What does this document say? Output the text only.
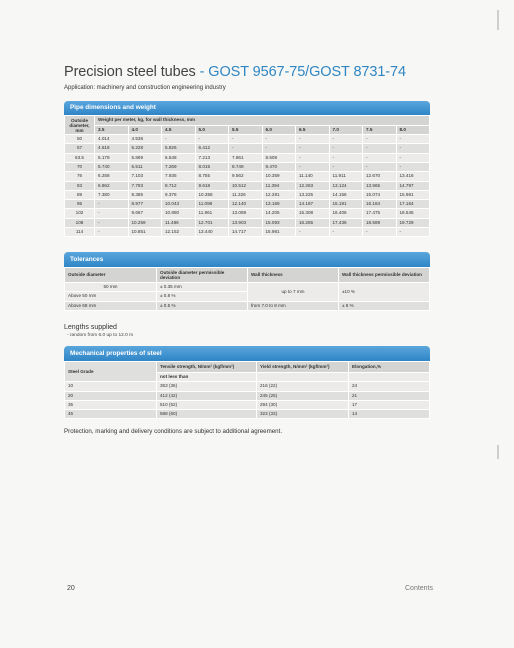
Precision steel tubes - GOST 9567-75/GOST 8731-74
Application: machinery and construction engineering industry
Pipe dimensions and weight
Outside diameter, mm	Weight per meter, kg, for wall thickness, mm									
	3.5	4.0	4.5	5.0	5.5	6.0	6.5	7.0	7.5	8.0
50	4.014	4.538	-	-	-	-	-	-	-	-
57	4.618	5.228	5.826	6.412	-	-	-	-	-	-
63.5	5.179	5.869	6.548	7.213	7.861	8.508	-	-	-	-
70	5.740	6.511	7.269	8.015	8.749	9.470	-	-	-	-
76	6.258	7.103	7.935	8.755	9.562	10.359	11.140	11.911	12.670	13.416
83	6.862	7.793	8.712	9.618	10.512	11.394	12.263	13.124	13.965	14.797
89	7.380	8.385	9.378	10.358	11.326	12.281	13.225	14.156	15.074	15.981
95	-	8.977	10.043	11.098	12.140	13.169	14.187	15.191	16.184	17.164
102	-	9.667	10.880	11.961	13.089	14.205	15.308	16.406	17.475	18.545
108	-	10.259	11.486	12.701	13.903	15.093	16.265	17.436	18.589	19.729
114	-	10.851	12.152	13.440	14.717	15.981	-	-	-	-
Tolerances
Outside diameter	Outside diameter permissible deviation	Wall thickness	Wall thickness permissible deviation
50 mm	± 0.35 mm	up to 7 mm	±10 %
Above 50 mm	± 0.8 %		
Above 68 mm	± 0.5 %	from 7.0 to 8 mm	± 6 %
Lengths supplied
- random from 6.0 up to 12.0 m
Mechanical properties of steel
Steel Grade	Tensile strength, N/mm² (kgf/mm²)	Yield strength, N/mm² (kgf/mm²)	Elongation,%
	not less than		
10	353 (36)	216 (22)	24
20	412 (42)	245 (25)	21
35	510 (52)	294 (30)	17
45	588 (60)	323 (33)	14
Protection, marking and delivery conditions are subject to additional agreement.
20	Contents
